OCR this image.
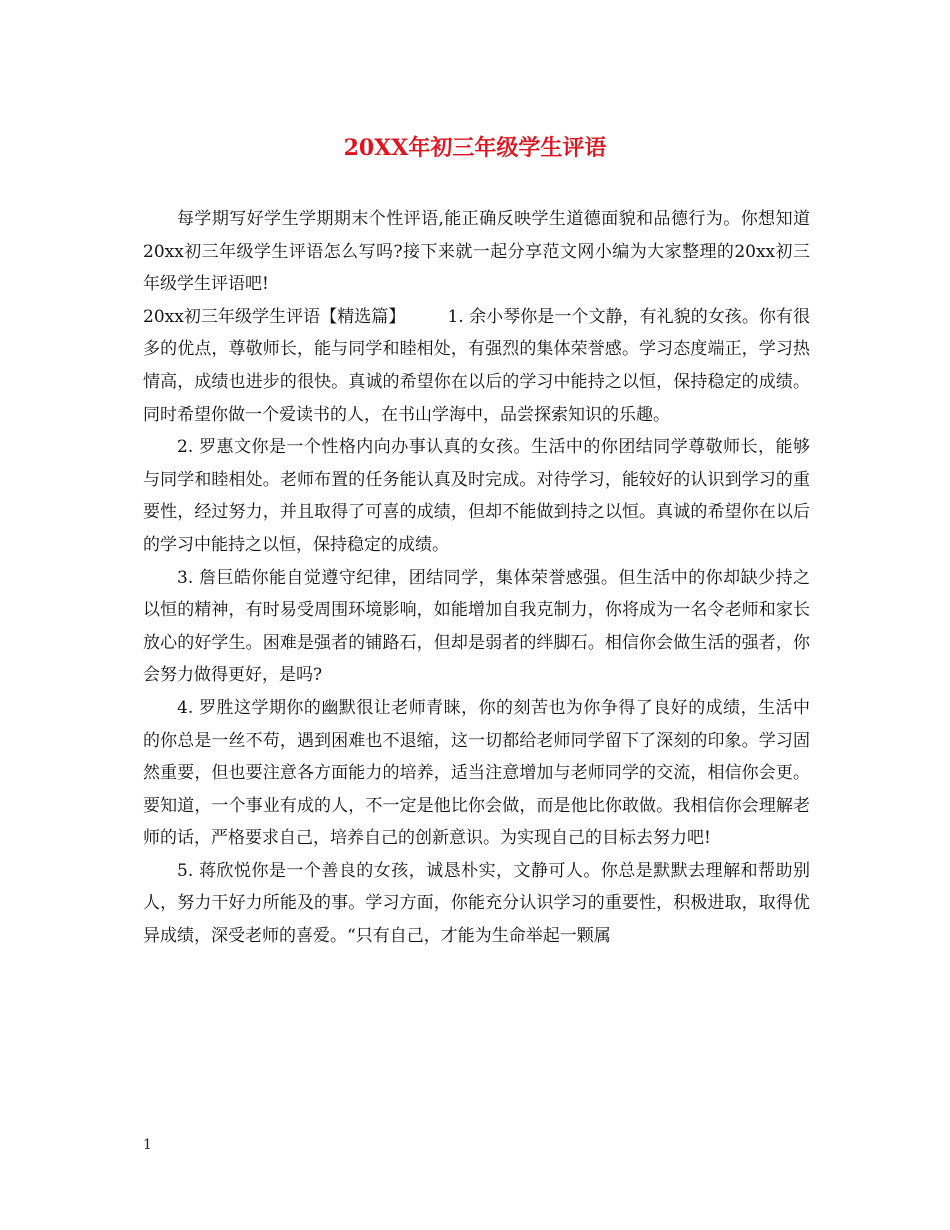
20XX年初三年级学生评语

每学期写好学生学期期末个性评语,能正确反映学生道德面貌和品德行为。你想知道20xx初三年级学生评语怎么写吗?接下来就一起分享范文网小编为大家整理的20xx初三年级学生评语吧!

20xx初三年级学生评语【精选篇】 1. 余小琴你是一个文静，有礼貌的女孩。你有很多的优点，尊敬师长，能与同学和睦相处，有强烈的集体荣誉感。学习态度端正，学习热情高，成绩也进步的很快。真诚的希望你在以后的学习中能持之以恒，保持稳定的成绩。同时希望你做一个爱读书的人，在书山学海中，品尝探索知识的乐趣。

2. 罗惠文你是一个性格内向办事认真的女孩。生活中的你团结同学尊敬师长，能够与同学和睦相处。老师布置的任务能认真及时完成。对待学习，能较好的认识到学习的重要性，经过努力，并且取得了可喜的成绩，但却不能做到持之以恒。真诚的希望你在以后的学习中能持之以恒，保持稳定的成绩。

3. 詹巨皓你能自觉遵守纪律，团结同学，集体荣誉感强。但生活中的你却缺少持之以恒的精神，有时易受周围环境影响，如能增加自我克制力，你将成为一名令老师和家长放心的好学生。困难是强者的铺路石，但却是弱者的绊脚石。相信你会做生活的强者，你会努力做得更好，是吗?

4. 罗胜这学期你的幽默很让老师青睐，你的刻苦也为你争得了良好的成绩，生活中的你总是一丝不苟，遇到困难也不退缩，这一切都给老师同学留下了深刻的印象。学习固然重要，但也要注意各方面能力的培养，适当注意增加与老师同学的交流，相信你会更。要知道，一个事业有成的人，不一定是他比你会做，而是他比你敢做。我相信你会理解老师的话，严格要求自己，培养自己的创新意识。为实现自己的目标去努力吧!

5. 蒋欣悦你是一个善良的女孩，诚恳朴实，文静可人。你总是默默去理解和帮助别人，努力干好力所能及的事。学习方面，你能充分认识学习的重要性，积极进取，取得优异成绩，深受老师的喜爱。“只有自己，才能为生命举起一颗属

1
